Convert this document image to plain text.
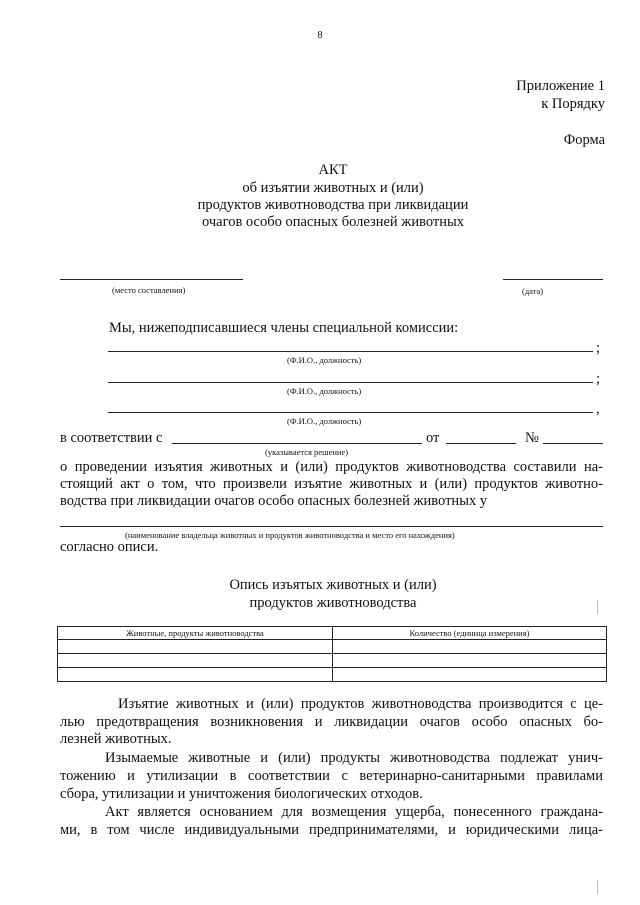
8
Приложение 1
к Порядку
Форма
АКТ
об изъятии животных и (или)
продуктов животноводства при ликвидации
очагов особо опасных болезней животных
(место составления)	(дата)
Мы, нижеподписавшиеся члены специальной комиссии:
;
(Ф.И.О., должность)
;
(Ф.И.О., должность)
,
(Ф.И.О., должность)
в соответствии с	от	№
(указывается решение)
о проведении изъятия животных и (или) продуктов животноводства составили на-
стоящий акт о том, что произвели изъятие животных и (или) продуктов животно-
водства при ликвидации очагов особо опасных болезней животных у
(наименование владельца животных и продуктов животноводства и место его нахождения)
согласно описи.
Опись изъятых животных и (или)
продуктов животноводства
Животные, продукты животноводства	Количество (единица измерения)

Изъятие животных и (или) продуктов животноводства производится с це-
лью предотвращения возникновения и ликвидации очагов особо опасных бо-
лезней животных.
Изымаемые животные и (или) продукты животноводства подлежат унич-
тожению и утилизации в соответствии с ветеринарно-санитарными правилами
сбора, утилизации и уничтожения биологических отходов.
Акт является основанием для возмещения ущерба, понесенного граждана-
ми, в том числе индивидуальными предпринимателями, и юридическими лица-
